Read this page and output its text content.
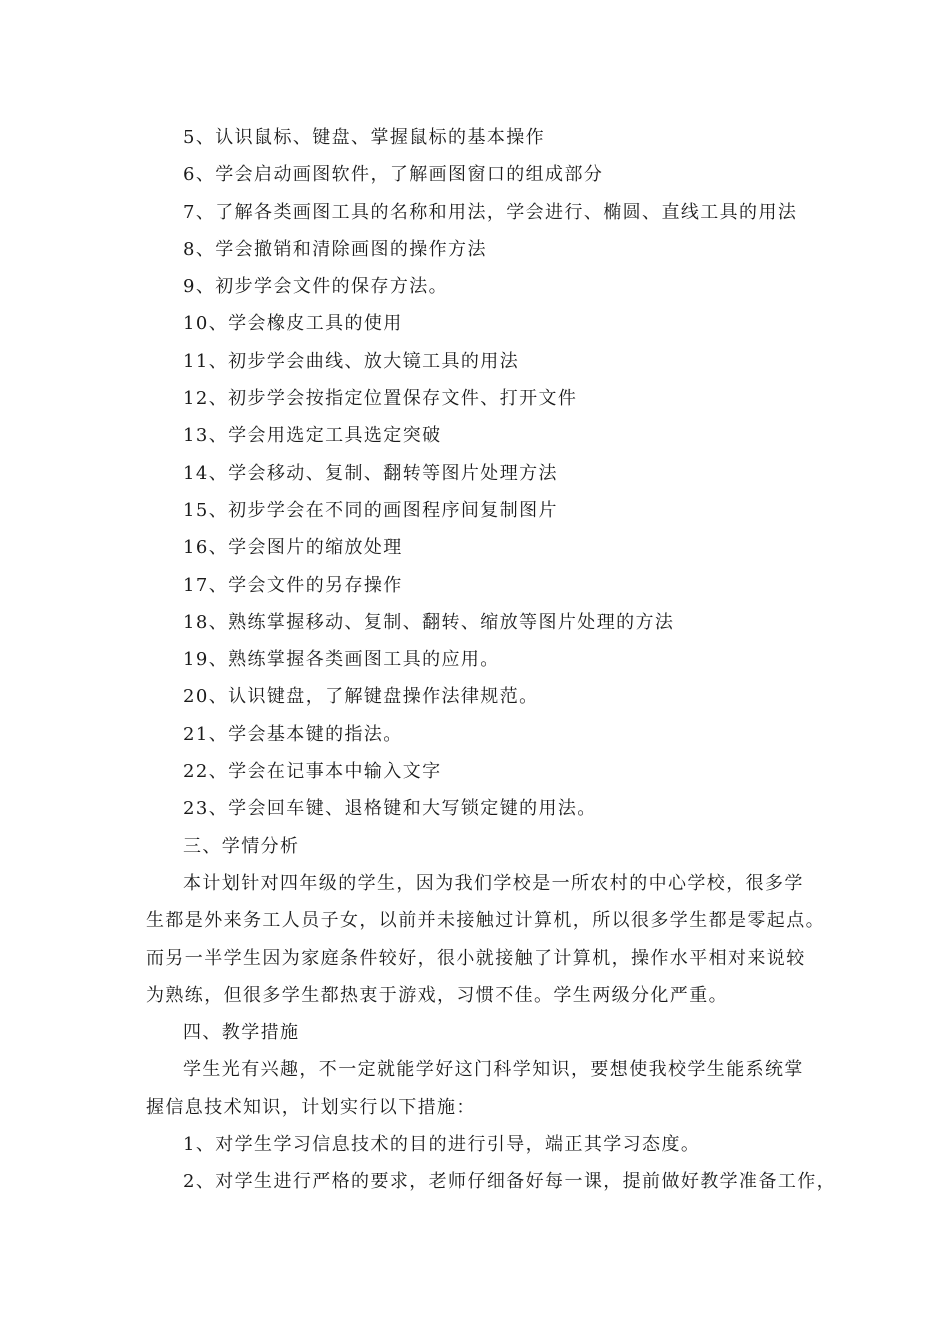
5、认识鼠标、键盘、掌握鼠标的基本操作
6、学会启动画图软件，了解画图窗口的组成部分
7、了解各类画图工具的名称和用法，学会进行、椭圆、直线工具的用法
8、学会撤销和清除画图的操作方法
9、初步学会文件的保存方法。
10、学会橡皮工具的使用
11、初步学会曲线、放大镜工具的用法
12、初步学会按指定位置保存文件、打开文件
13、学会用选定工具选定突破
14、学会移动、复制、翻转等图片处理方法
15、初步学会在不同的画图程序间复制图片
16、学会图片的缩放处理
17、学会文件的另存操作
18、熟练掌握移动、复制、翻转、缩放等图片处理的方法
19、熟练掌握各类画图工具的应用。
20、认识键盘，了解键盘操作法律规范。
21、学会基本键的指法。
22、学会在记事本中输入文字
23、学会回车键、退格键和大写锁定键的用法。
三、学情分析
本计划针对四年级的学生，因为我们学校是一所农村的中心学校，很多学
生都是外来务工人员子女，以前并未接触过计算机，所以很多学生都是零起点。
而另一半学生因为家庭条件较好，很小就接触了计算机，操作水平相对来说较
为熟练，但很多学生都热衷于游戏，习惯不佳。学生两级分化严重。
四、教学措施
学生光有兴趣，不一定就能学好这门科学知识，要想使我校学生能系统掌
握信息技术知识，计划实行以下措施：
1、对学生学习信息技术的目的进行引导，端正其学习态度。
2、对学生进行严格的要求，老师仔细备好每一课，提前做好教学准备工作，
